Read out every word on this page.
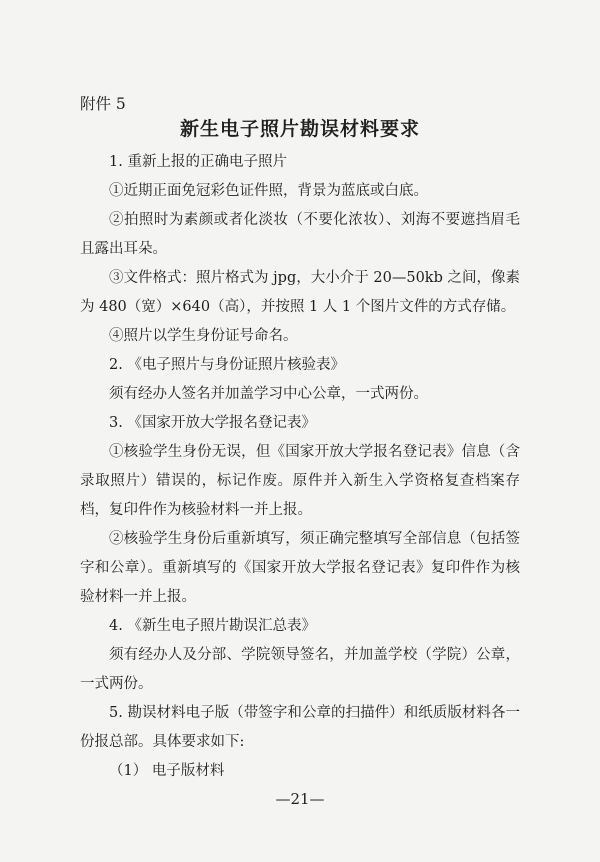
附件 5
新生电子照片勘误材料要求

1. 重新上报的正确电子照片

①近期正面免冠彩色证件照，背景为蓝底或白底。

②拍照时为素颜或者化淡妆（不要化浓妆）、刘海不要遮挡眉毛且露出耳朵。

③文件格式：照片格式为 jpg，大小介于 20—50kb 之间，像素为 480（宽）×640（高），并按照 1 人 1 个图片文件的方式存储。

④照片以学生身份证号命名。

2. 《电子照片与身份证照片核验表》

须有经办人签名并加盖学习中心公章，一式两份。

3. 《国家开放大学报名登记表》

①核验学生身份无误，但《国家开放大学报名登记表》信息（含录取照片）错误的，标记作废。原件并入新生入学资格复查档案存档，复印件作为核验材料一并上报。

②核验学生身份后重新填写，须正确完整填写全部信息（包括签字和公章）。重新填写的《国家开放大学报名登记表》复印件作为核验材料一并上报。

4. 《新生电子照片勘误汇总表》

须有经办人及分部、学院领导签名，并加盖学校（学院）公章，一式两份。

5. 勘误材料电子版（带签字和公章的扫描件）和纸质版材料各一份报总部。具体要求如下:

（1） 电子版材料

—21—
